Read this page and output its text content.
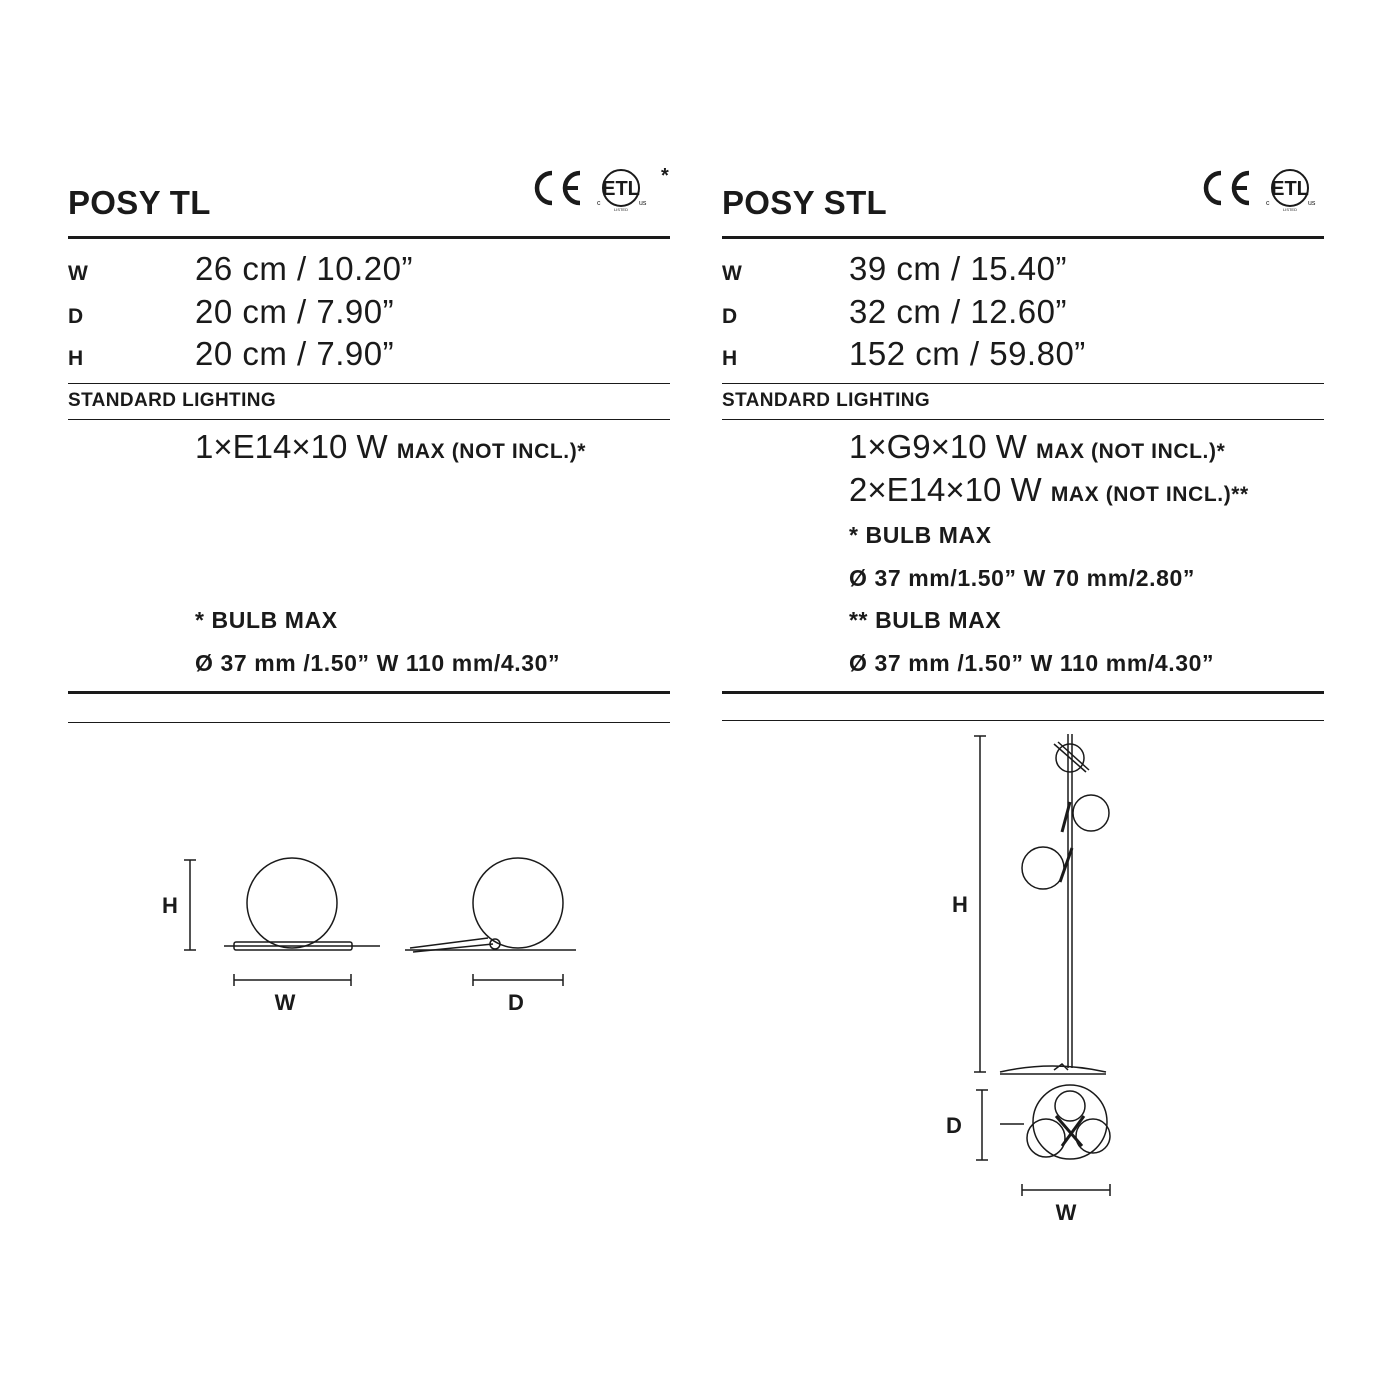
POSY TL	ETL
c	us
LISTED
*
W	26 cm / 10.20”
D	20 cm / 7.90”
H	20 cm / 7.90”
STANDARD LIGHTING
1×E14×10 W MAX (NOT INCL.)*
* BULB MAX
Ø 37 mm /1.50” W 110 mm/4.30”
H
W	D
POSY STL	ETL
c	us
LISTED
W	39 cm / 15.40”
D	32 cm / 12.60”
H	152 cm / 59.80”
STANDARD LIGHTING
1×G9×10 W MAX (NOT INCL.)*
2×E14×10 W MAX (NOT INCL.)**
* BULB MAX
Ø 37 mm/1.50” W 70 mm/2.80”
** BULB MAX
Ø 37 mm /1.50” W 110 mm/4.30”
H
D
W
